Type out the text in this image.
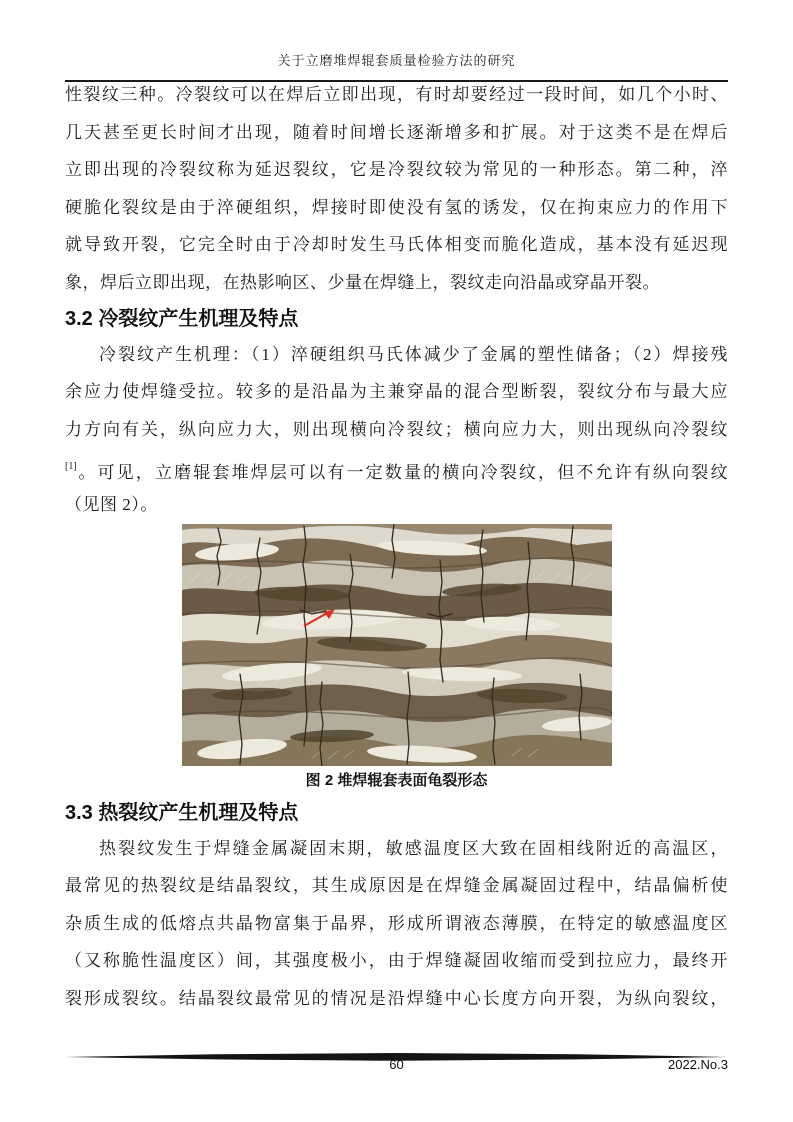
关于立磨堆焊辊套质量检验方法的研究
性裂纹三种。冷裂纹可以在焊后立即出现，有时却要经过一段时间，如几个小时、
几天甚至更长时间才出现，随着时间增长逐渐增多和扩展。对于这类不是在焊后
立即出现的冷裂纹称为延迟裂纹，它是冷裂纹较为常见的一种形态。第二种，淬
硬脆化裂纹是由于淬硬组织，焊接时即使没有氢的诱发，仅在拘束应力的作用下
就导致开裂，它完全时由于冷却时发生马氏体相变而脆化造成，基本没有延迟现
象，焊后立即出现，在热影响区、少量在焊缝上，裂纹走向沿晶或穿晶开裂。
3.2 冷裂纹产生机理及特点
冷裂纹产生机理：（1）淬硬组织马氏体减少了金属的塑性储备；（2）焊接残
余应力使焊缝受拉。较多的是沿晶为主兼穿晶的混合型断裂，裂纹分布与最大应
力方向有关，纵向应力大，则出现横向冷裂纹；横向应力大，则出现纵向冷裂纹
[1]。可见，立磨辊套堆焊层可以有一定数量的横向冷裂纹，但不允许有纵向裂纹
（见图 2）。
图 2 堆焊辊套表面龟裂形态
3.3 热裂纹产生机理及特点
热裂纹发生于焊缝金属凝固末期，敏感温度区大致在固相线附近的高温区，
最常见的热裂纹是结晶裂纹，其生成原因是在焊缝金属凝固过程中，结晶偏析使
杂质生成的低熔点共晶物富集于晶界，形成所谓液态薄膜，在特定的敏感温度区
（又称脆性温度区）间，其强度极小，由于焊缝凝固收缩而受到拉应力，最终开
裂形成裂纹。结晶裂纹最常见的情况是沿焊缝中心长度方向开裂，为纵向裂纹，
60	2022.No.3
